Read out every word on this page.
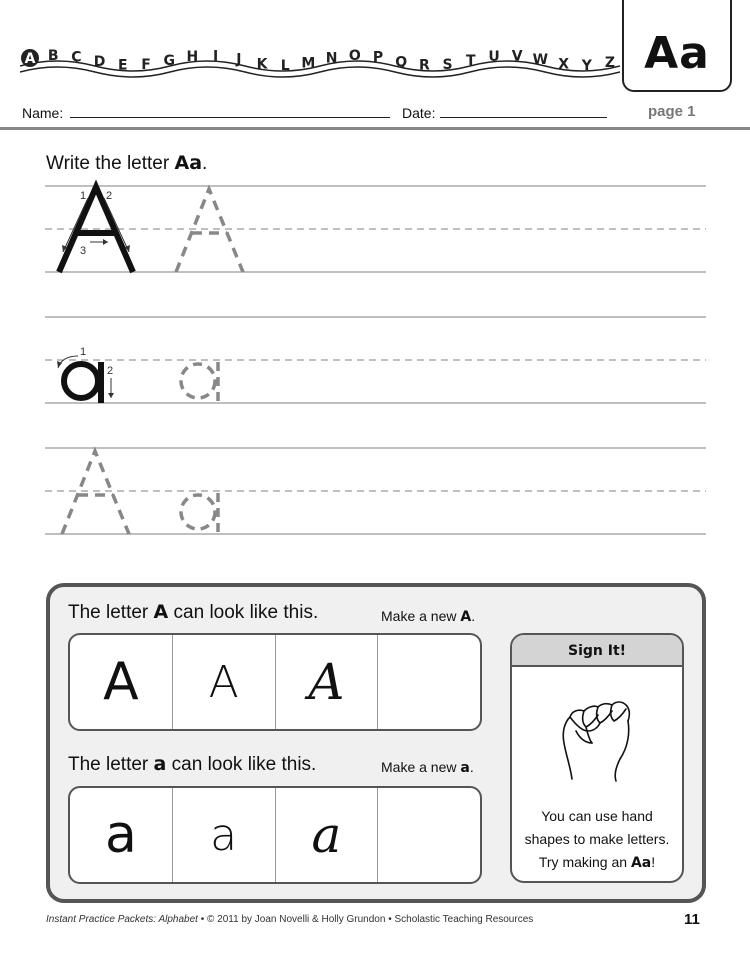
A B C D E F G H I J K L M N O P Q R S T U V W X Y Z Aa
Name:	Date:	page 1
Write the letter Aa.
1 2
3
1
2
The letter A can look like this.	Make a new A.
A	A	A
The letter a can look like this.	Make a new a.
a	a	a
Sign It!
You can use hand
shapes to make letters.
Try making an Aa!
Instant Practice Packets: Alphabet • © 2011 by Joan Novelli & Holly Grundon • Scholastic Teaching Resources	11
